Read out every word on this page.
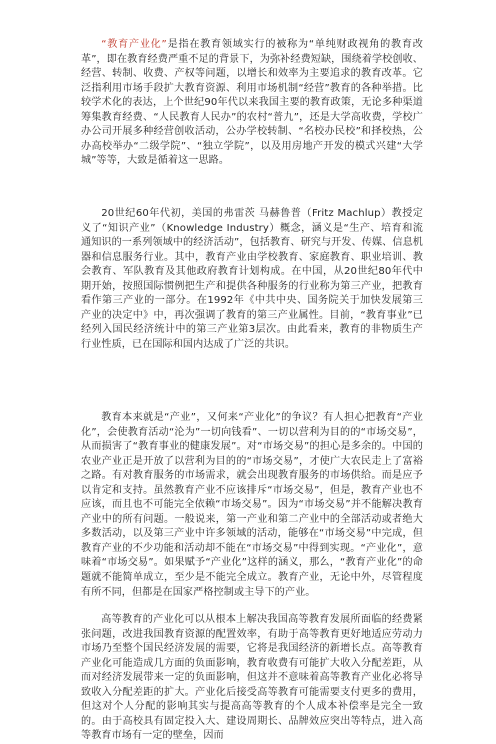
“教育产业化”是指在教育领域实行的被称为“单纯财政视角的教育改革”，即在教育经费严重不足的背景下，为弥补经费短缺，围绕着学校创收、经营、转制、收费、产权等问题，以增长和效率为主要追求的教育改革。它泛指利用市场手段扩大教育资源、利用市场机制“经营”教育的各种举措。比较学术化的表达，上个世纪90年代以来我国主要的教育政策，无论多种渠道筹集教育经费、“人民教育人民办”的农村“普九”，还是大学高收费，学校广办公司开展多种经营创收活动，公办学校转制、“名校办民校”和择校热，公办高校举办“二级学院”、“独立学院”，以及用房地产开发的模式兴建“大学城”等等，大致是循着这一思路。

20世纪60年代初，美国的弗雷茨 马赫鲁普（Fritz Machlup）教授定义了“知识产业”（Knowledge Industry）概念，涵义是“生产、培育和流通知识的一系列领域中的经济活动”，包括教育、研究与开发、传媒、信息机器和信息服务行业。其中，教育产业由学校教育、家庭教育、职业培训、教会教育、军队教育及其他政府教育计划构成。在中国，从20世纪80年代中期开始，按照国际惯例把生产和提供各种服务的行业称为第三产业，把教育看作第三产业的一部分。在1992年《中共中央、国务院关于加快发展第三产业的决定中》中，再次强调了教育的第三产业属性。目前，“教育事业”已经列入国民经济统计中的第三产业第3层次。由此看来，教育的非物质生产行业性质，已在国际和国内达成了广泛的共识。

教育本来就是“产业”，又何来“产业化”的争议？有人担心把教育“产业化”，会使教育活动“沦为”一切向钱看”、一切以营利为目的的“市场交易”，从而损害了“教育事业的健康发展”。对“市场交易”的担心是多余的。中国的农业产业正是开放了以营利为目的的“市场交易”，才使广大农民走上了富裕之路。有对教育服务的市场需求，就会出现教育服务的市场供给。而是应予以肯定和支持。虽然教育产业不应该排斥“市场交易”，但是，教育产业也不应该，而且也不可能完全依赖“市场交易”。因为“市场交易”并不能解决教育产业中的所有问题。一般说来，第一产业和第二产业中的全部活动或者绝大多数活动，以及第三产业中许多领域的活动，能够在“市场交易”中完成，但教育产业的不少功能和活动却不能在“市场交易”中得到实现。“产业化”，意味着“市场交易”。如果赋予“产业化”这样的涵义，那么，“教育产业化”的命题就不能简单成立，至少是不能完全成立。教育产业，无论中外，尽管程度有所不同，但都是在国家严格控制或主导下的产业。

高等教育的产业化可以从根本上解决我国高等教育发展所面临的经费紧张问题，改进我国教育资源的配置效率，有助于高等教育更好地适应劳动力市场乃至整个国民经济发展的需要，它将是我国经济的新增长点。高等教育产业化可能造成几方面的负面影响，教育收费有可能扩大收入分配差距，从而对经济发展带来一定的负面影响，但这并不意味着高等教育产业化必将导致收入分配差距的扩大。产业化后接受高等教育可能需要支付更多的费用，但这对个人分配的影响其实与提高高等教育的个人成本补偿率是完全一致的。由于高校具有固定投入大、建设周期长、品牌效应突出等特点，进入高等教育市场有一定的壁垒，因而
